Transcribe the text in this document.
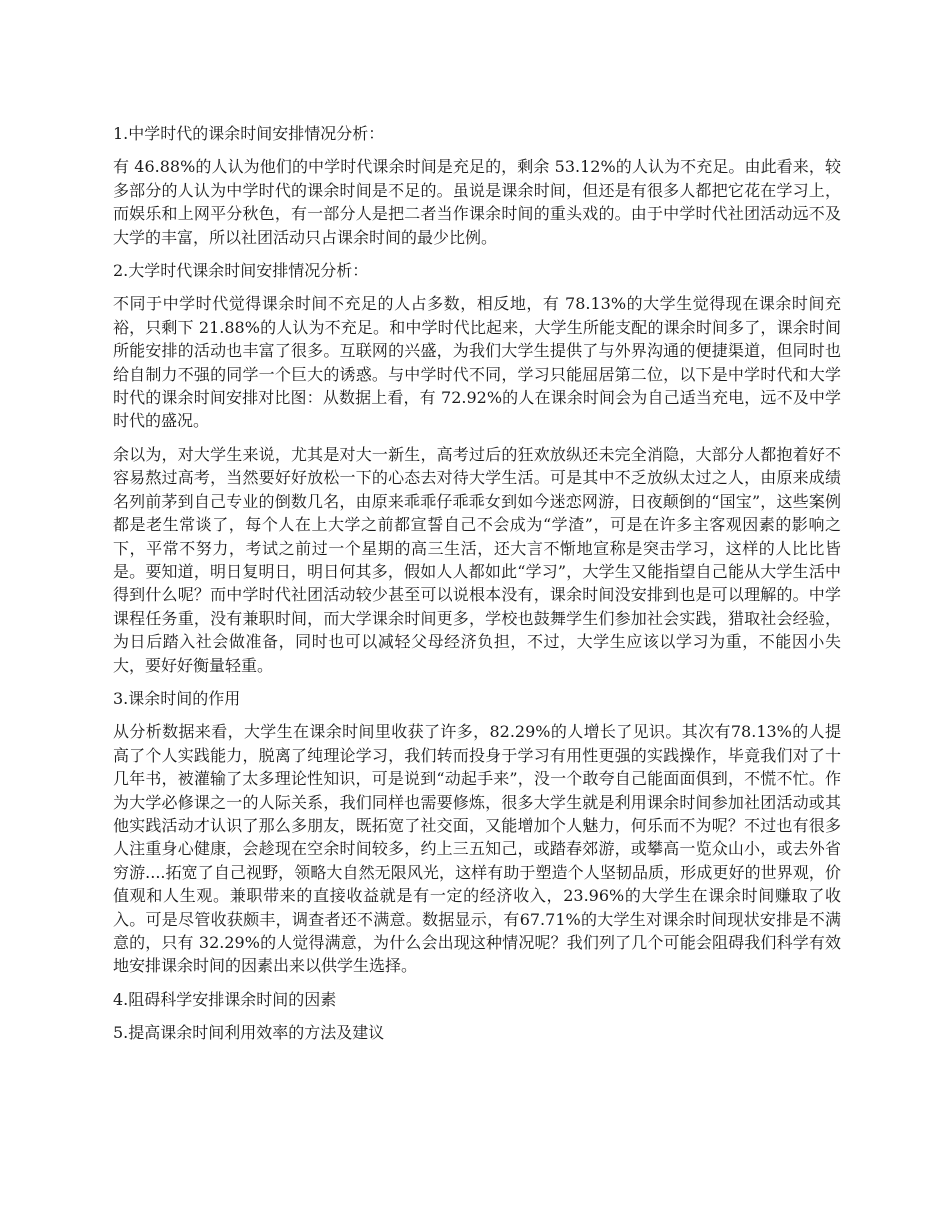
1.中学时代的课余时间安排情况分析：

有 46.88%的人认为他们的中学时代课余时间是充足的，剩余 53.12%的人认为不充足。由此看来，较多部分的人认为中学时代的课余时间是不足的。虽说是课余时间，但还是有很多人都把它花在学习上，而娱乐和上网平分秋色，有一部分人是把二者当作课余时间的重头戏的。由于中学时代社团活动远不及大学的丰富，所以社团活动只占课余时间的最少比例。

2.大学时代课余时间安排情况分析：

不同于中学时代觉得课余时间不充足的人占多数，相反地，有 78.13%的大学生觉得现在课余时间充裕，只剩下 21.88%的人认为不充足。和中学时代比起来，大学生所能支配的课余时间多了，课余时间所能安排的活动也丰富了很多。互联网的兴盛，为我们大学生提供了与外界沟通的便捷渠道，但同时也给自制力不强的同学一个巨大的诱惑。与中学时代不同，学习只能屈居第二位，以下是中学时代和大学时代的课余时间安排对比图：从数据上看，有 72.92%的人在课余时间会为自己适当充电，远不及中学时代的盛况。

余以为，对大学生来说，尤其是对大一新生，高考过后的狂欢放纵还未完全消隐，大部分人都抱着好不容易熬过高考，当然要好好放松一下的心态去对待大学生活。可是其中不乏放纵太过之人，由原来成绩名列前茅到自己专业的倒数几名，由原来乖乖仔乖乖女到如今迷恋网游，日夜颠倒的“国宝”，这些案例都是老生常谈了，每个人在上大学之前都宣誓自己不会成为“学渣”，可是在许多主客观因素的影响之下，平常不努力，考试之前过一个星期的高三生活，还大言不惭地宣称是突击学习，这样的人比比皆是。要知道，明日复明日，明日何其多，假如人人都如此“学习”，大学生又能指望自己能从大学生活中得到什么呢？而中学时代社团活动较少甚至可以说根本没有，课余时间没安排到也是可以理解的。中学课程任务重，没有兼职时间，而大学课余时间更多，学校也鼓舞学生们参加社会实践，猎取社会经验，为日后踏入社会做准备，同时也可以减轻父母经济负担，不过，大学生应该以学习为重，不能因小失大，要好好衡量轻重。

3.课余时间的作用

从分析数据来看，大学生在课余时间里收获了许多，82.29%的人增长了见识。其次有78.13%的人提高了个人实践能力，脱离了纯理论学习，我们转而投身于学习有用性更强的实践操作，毕竟我们对了十几年书，被灌输了太多理论性知识，可是说到“动起手来”，没一个敢夸自己能面面俱到，不慌不忙。作为大学必修课之一的人际关系，我们同样也需要修炼，很多大学生就是利用课余时间参加社团活动或其他实践活动才认识了那么多朋友，既拓宽了社交面，又能增加个人魅力，何乐而不为呢？不过也有很多人注重身心健康，会趁现在空余时间较多，约上三五知己，或踏春郊游，或攀高一览众山小，或去外省穷游....拓宽了自己视野，领略大自然无限风光，这样有助于塑造个人坚韧品质，形成更好的世界观，价值观和人生观。兼职带来的直接收益就是有一定的经济收入，23.96%的大学生在课余时间赚取了收入。可是尽管收获颇丰，调查者还不满意。数据显示，有67.71%的大学生对课余时间现状安排是不满意的，只有 32.29%的人觉得满意，为什么会出现这种情况呢？我们列了几个可能会阻碍我们科学有效地安排课余时间的因素出来以供学生选择。

4.阻碍科学安排课余时间的因素

5.提高课余时间利用效率的方法及建议
